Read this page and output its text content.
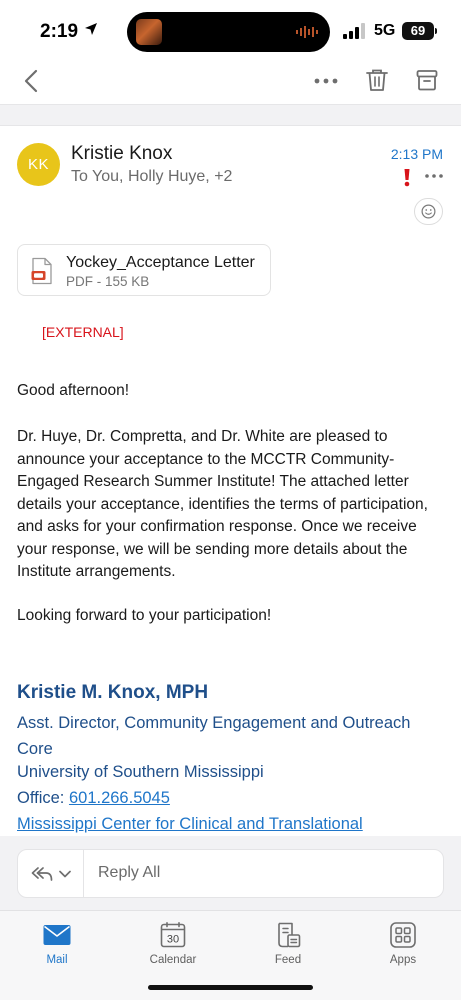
2:19	5G	69
KK
Kristie Knox
To You, Holly Huye, +2
2:13 PM
Yockey_Acceptance Letter
PDF - 155 KB
[EXTERNAL]
Good afternoon!
Dr. Huye, Dr. Compretta, and Dr. White are pleased to announce your acceptance to the MCCTR Community-Engaged Research Summer Institute! The attached letter details your acceptance, identifies the terms of participation, and asks for your confirmation response. Once we receive your response, we will be sending more details about the Institute arrangements.
Looking forward to your participation!
Kristie M. Knox, MPH
Asst. Director, Community Engagement and Outreach Core
University of Southern Mississippi
Office: 601.266.5045
Mississippi Center for Clinical and Translational
Reply All
Mail
30
Calendar	Feed	Apps
